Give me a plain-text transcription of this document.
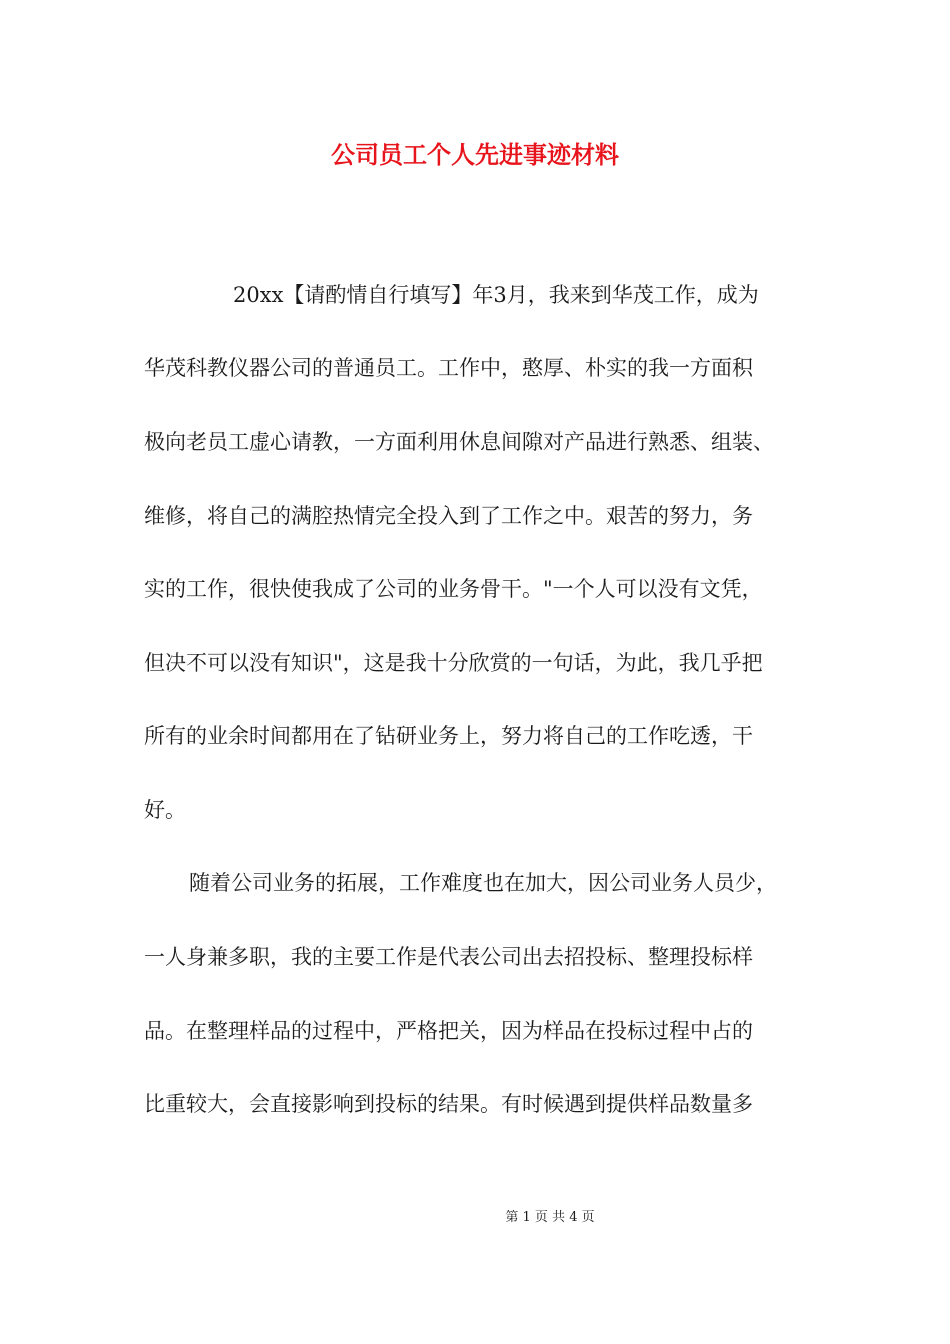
公司员工个人先进事迹材料

20xx【请酌情自行填写】年3月，我来到华茂工作，成为

华茂科教仪器公司的普通员工。工作中，憨厚、朴实的我一方面积

极向老员工虚心请教，一方面利用休息间隙对产品进行熟悉、组装、

维修，将自己的满腔热情完全投入到了工作之中。艰苦的努力，务

实的工作，很快使我成了公司的业务骨干。"一个人可以没有文凭，

但决不可以没有知识"，这是我十分欣赏的一句话，为此，我几乎把

所有的业余时间都用在了钻研业务上，努力将自己的工作吃透，干

好。

随着公司业务的拓展，工作难度也在加大，因公司业务人员少，

一人身兼多职，我的主要工作是代表公司出去招投标、整理投标样

品。在整理样品的过程中，严格把关，因为样品在投标过程中占的

比重较大，会直接影响到投标的结果。有时候遇到提供样品数量多

第 1 页 共 4 页
